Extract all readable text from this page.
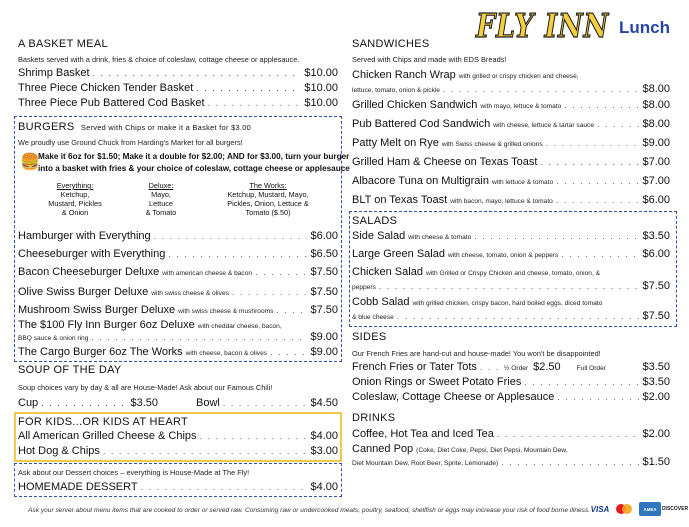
FLY INN Lunch
A BASKET MEAL
Baskets served with a drink, fries & choice of coleslaw, cottage cheese or applesauce.
Shrimp Basket . . .	$10.00
Three Piece Chicken Tender Basket . . .	$10.00
Three Piece Pub Battered Cod Basket . . .	$10.00
BURGERS Served with Chips or make it a Basket for $3.00
We proudly use Ground Chuck from Harding's Market for all burgers!
🍔
Make it 6oz for $1.50; Make it a double for $2.00; AND for $3.00, turn your burger
into a basket with fries & your choice of coleslaw, cottage cheese or applesauce
Everything:
Ketchup,
Mustard, Pickles
& Onion
Deluxe:
Mayo,
Lettuce
& Tomato
The Works:
Ketchup, Mustard, Mayo,
Pickles, Onion, Lettuce &
Tomato ($.50)
Hamburger with Everything . . .	$6.00
Cheeseburger with Everything . . .	$6.50
Bacon Cheeseburger Deluxe with american cheese & bacon . . .	$7.50
Olive Swiss Burger Deluxe with swiss cheese & olives . . .	$7.50
Mushroom Swiss Burger Deluxe with swiss cheese & mushrooms . . .	$7.50
The $100 Fly Inn Burger 6oz Deluxe with cheddar cheese, bacon,
BBQ sauce & onion ring . . .	$9.00
The Cargo Burger 6oz The Works with cheese, bacon & olives . . .	$9.00
SOUP OF THE DAY
Soup choices vary by day & all are House-Made! Ask about our Famous Chili!
Cup . . .	$3.50	Bowl . . .	$4.50
FOR KIDS...OR KIDS AT HEART
All American Grilled Cheese & Chips . . .	$4.00
Hot Dog & Chips . . .	$3.00
Ask about our Dessert choices – everything is House-Made at The Fly!
HOMEMADE DESSERT . . .	$4.00
SANDWICHES
Served with Chips and made with EDS Breads!
Chicken Ranch Wrap with grilled or crispy chicken and cheese,
lettuce, tomato, onion & pickle . . .	$8.00
Grilled Chicken Sandwich with mayo, lettuce & tomato . . .	$8.00
Pub Battered Cod Sandwich with cheese, lettuce & tartar sauce . . .	$8.00
Patty Melt on Rye with Swiss cheese & grilled onions . . .	$9.00
Grilled Ham & Cheese on Texas Toast . . .	$7.00
Albacore Tuna on Multigrain with lettuce & tomato . . .	$7.00
BLT on Texas Toast with bacon, mayo, lettuce & tomato . . .	$6.00
SALADS
Side Salad with cheese & tomato . . .	$3.50
Large Green Salad with cheese, tomato, onion & peppers . . .	$6.00
Chicken Salad with Grilled or Crispy Chicken and cheese, tomato, onion, &
peppers . . .	$7.50
Cobb Salad with grilled chicken, crispy bacon, hard boiled eggs, diced tomato
& blue cheese . . .	$7.50
SIDES
Our French Fries are hand-cut and house-made! You won't be disappointed!
French Fries or Tater Tots . . .	½ Order $2.50 Full Order	$3.50
Onion Rings or Sweet Potato Fries . . .	$3.50
Coleslaw, Cottage Cheese or Applesauce . . .	$2.00
DRINKS
Coffee, Hot Tea and Iced Tea . . .	$2.00
Canned Pop (Coke, Diet Coke, Pepsi, Diet Pepsi, Mountain Dew,
Diet Mountain Dew, Root Beer, Sprite, Lemonade) . . .	$1.50
Ask your server about menu items that are cooked to order or served raw. Consuming raw or undercooked meats, poultry, seafood, shellfish or eggs may increase your risk of food borne illness. VISA	AMEX	DISCOVER
